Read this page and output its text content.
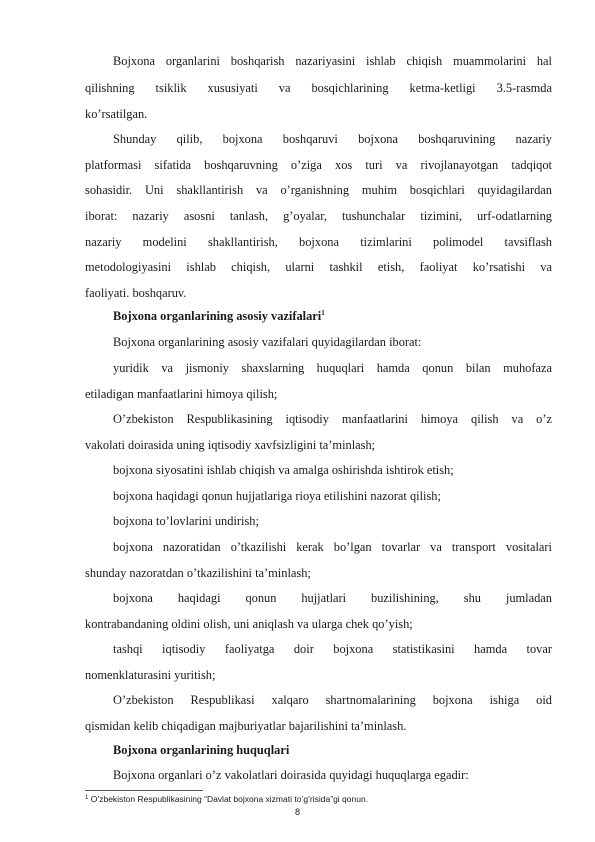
Bojxona organlarini boshqarish nazariyasini ishlab chiqish muammolarini hal
qilishning tsiklik xususiyati va bosqichlarining ketma-ketligi 3.5-rasmda
ko’rsatilgan.
Shunday qilib, bojxona boshqaruvi bojxona boshqaruvining nazariy
platformasi sifatida boshqaruvning o’ziga xos turi va rivojlanayotgan tadqiqot
sohasidir. Uni shakllantirish va o’rganishning muhim bosqichlari quyidagilardan
iborat: nazariy asosni tanlash, g’oyalar, tushunchalar tizimini, urf-odatlarning
nazariy modelini shakllantirish, bojxona tizimlarini polimodel tavsiflash
metodologiyasini ishlab chiqish, ularni tashkil etish, faoliyat ko’rsatishi va
faoliyati. boshqaruv.
Bojxona organlarining asosiy vazifalari$^1$
Bojxona organlarining asosiy vazifalari quyidagilardan iborat:
yuridik va jismoniy shaxslarning huquqlari hamda qonun bilan muhofaza
etiladigan manfaatlarini himoya qilish;
O’zbekiston Respublikasining iqtisodiy manfaatlarini himoya qilish va o’z
vakolati doirasida uning iqtisodiy xavfsizligini ta’minlash;
bojxona siyosatini ishlab chiqish va amalga oshirishda ishtirok etish;
bojxona haqidagi qonun hujjatlariga rioya etilishini nazorat qilish;
bojxona to’lovlarini undirish;
bojxona nazoratidan o’tkazilishi kerak bo’lgan tovarlar va transport vositalari
shunday nazoratdan o’tkazilishini ta’minlash;
bojxona haqidagi qonun hujjatlari buzilishining, shu jumladan
kontrabandaning oldini olish, uni aniqlash va ularga chek qo’yish;
tashqi iqtisodiy faoliyatga doir bojxona statistikasini hamda tovar
nomenklaturasini yuritish;
O’zbekiston Respublikasi xalqaro shartnomalarining bojxona ishiga oid
qismidan kelib chiqadigan majburiyatlar bajarilishini ta’minlash.
Bojxona organlarining huquqlari
Bojxona organlari o’z vakolatlari doirasida quyidagi huquqlarga egadir:
$^1$ O’zbekiston Respublikasining “Davlat bojxona xizmati to’g’risida”gi qonun.
8
